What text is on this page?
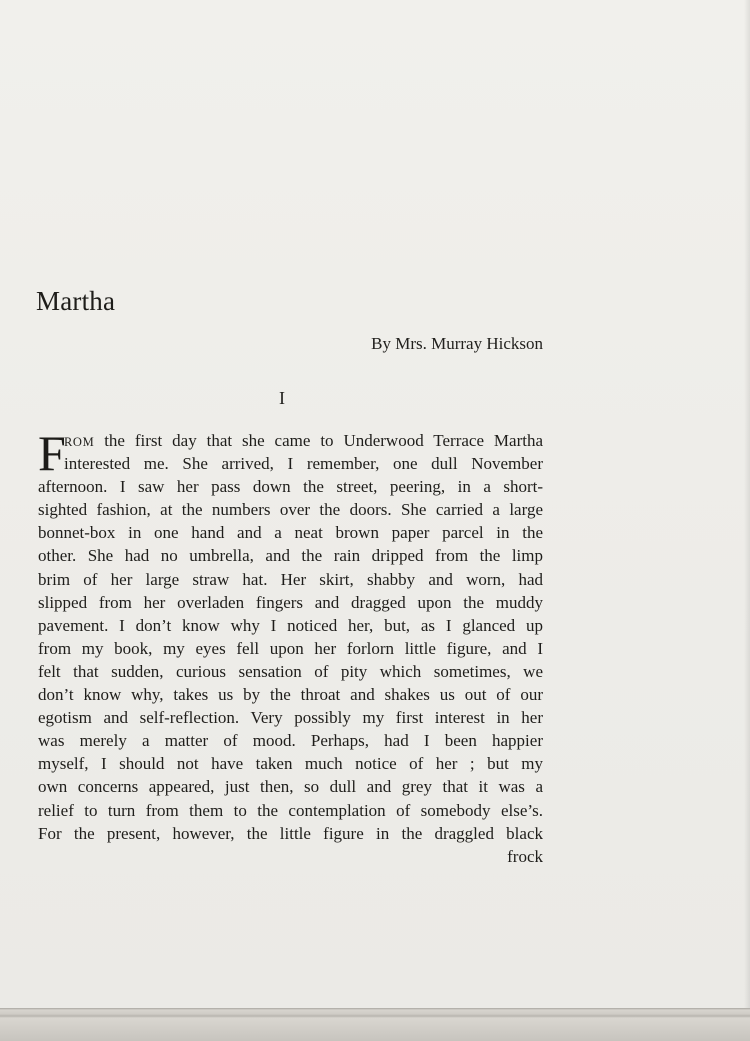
Martha
By Mrs. Murray Hickson
I
F
ROM the first day that she came to Underwood Terrace Martha
interested me. She arrived, I remember, one dull November
afternoon. I saw her pass down the street, peering, in a short-
sighted fashion, at the numbers over the doors. She carried a large
bonnet-box in one hand and a neat brown paper parcel in the
other. She had no umbrella, and the rain dripped from the limp
brim of her large straw hat. Her skirt, shabby and worn, had
slipped from her overladen fingers and dragged upon the muddy
pavement. I don’t know why I noticed her, but, as I glanced up
from my book, my eyes fell upon her forlorn little figure, and I
felt that sudden, curious sensation of pity which sometimes, we
don’t know why, takes us by the throat and shakes us out of our
egotism and self-reflection. Very possibly my first interest in her
was merely a matter of mood. Perhaps, had I been happier
myself, I should not have taken much notice of her ; but my
own concerns appeared, just then, so dull and grey that it was a
relief to turn from them to the contemplation of somebody else’s.
For the present, however, the little figure in the draggled black
frock
